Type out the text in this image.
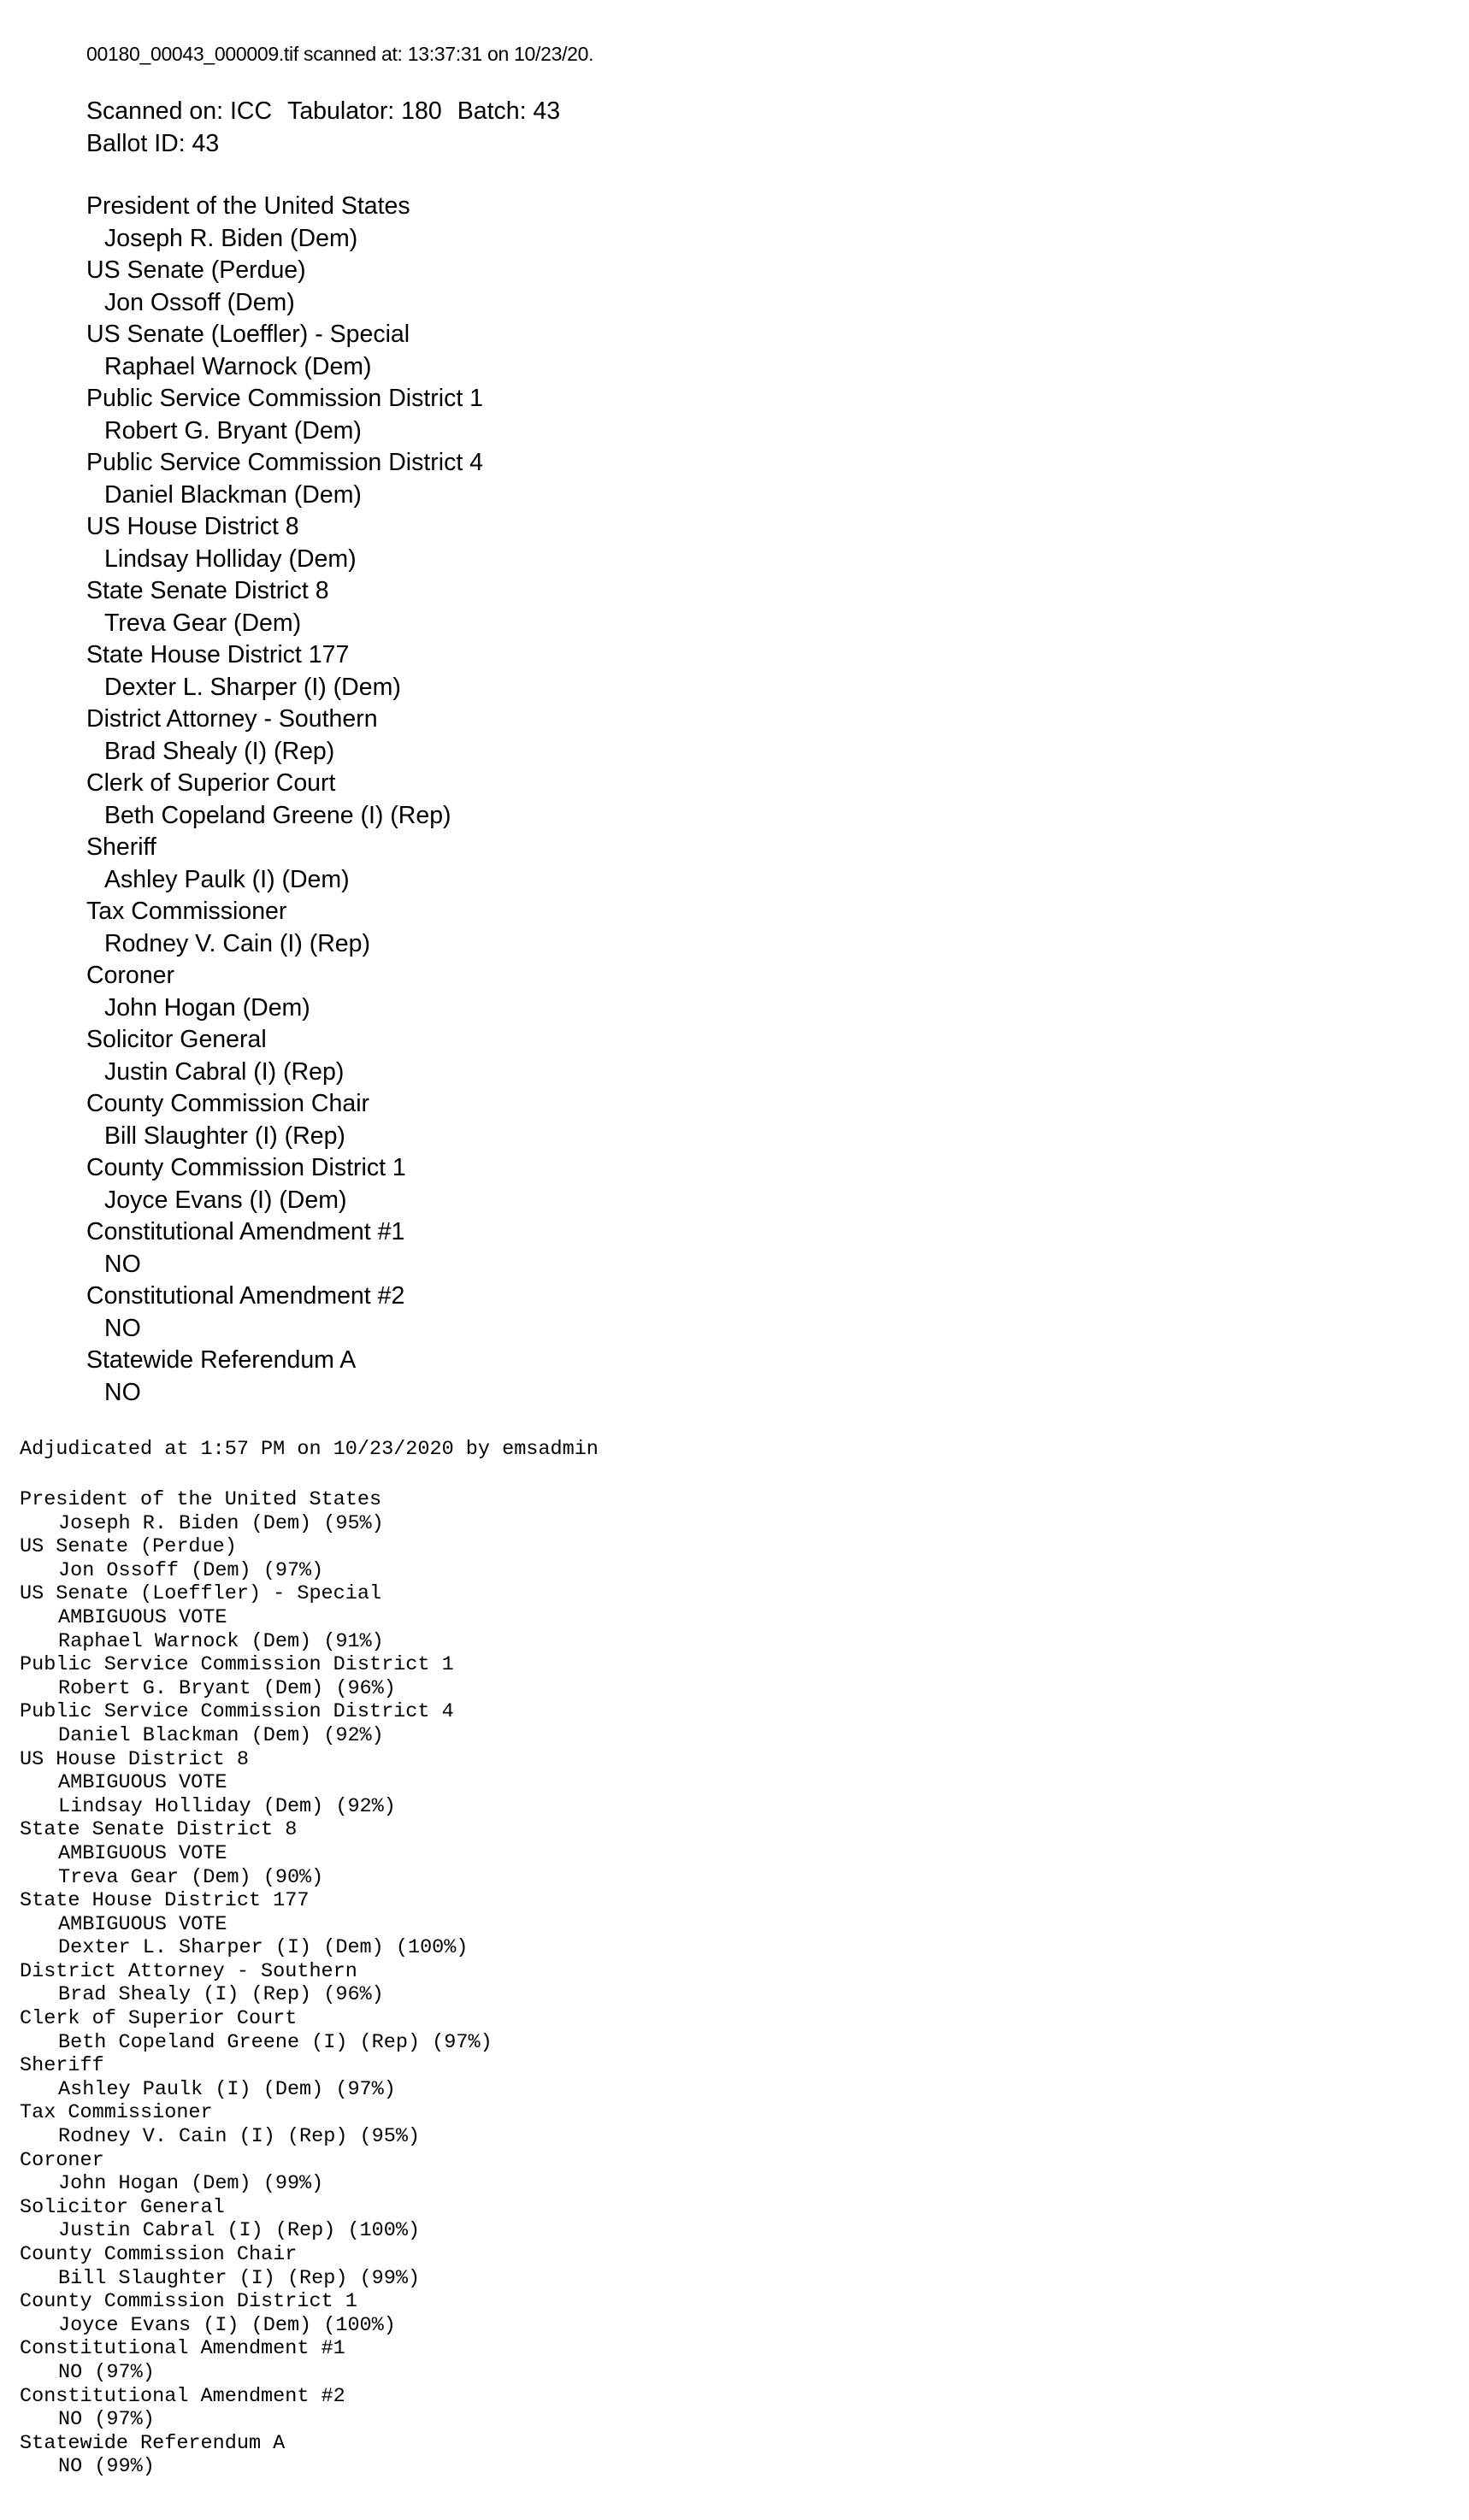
00180_00043_000009.tif scanned at: 13:37:31 on 10/23/20.
Scanned on: ICC Tabulator: 180 Batch: 43
Ballot ID: 43
President of the United States
Joseph R. Biden (Dem)
US Senate (Perdue)
Jon Ossoff (Dem)
US Senate (Loeffler) - Special
Raphael Warnock (Dem)
Public Service Commission District 1
Robert G. Bryant (Dem)
Public Service Commission District 4
Daniel Blackman (Dem)
US House District 8
Lindsay Holliday (Dem)
State Senate District 8
Treva Gear (Dem)
State House District 177
Dexter L. Sharper (I) (Dem)
District Attorney - Southern
Brad Shealy (I) (Rep)
Clerk of Superior Court
Beth Copeland Greene (I) (Rep)
Sheriff
Ashley Paulk (I) (Dem)
Tax Commissioner
Rodney V. Cain (I) (Rep)
Coroner
John Hogan (Dem)
Solicitor General
Justin Cabral (I) (Rep)
County Commission Chair
Bill Slaughter (I) (Rep)
County Commission District 1
Joyce Evans (I) (Dem)
Constitutional Amendment #1
NO
Constitutional Amendment #2
NO
Statewide Referendum A
NO
Adjudicated at 1:57 PM on 10/23/2020 by emsadmin
President of the United States
Joseph R. Biden (Dem) (95%)
US Senate (Perdue)
Jon Ossoff (Dem) (97%)
US Senate (Loeffler) - Special
AMBIGUOUS VOTE
Raphael Warnock (Dem) (91%)
Public Service Commission District 1
Robert G. Bryant (Dem) (96%)
Public Service Commission District 4
Daniel Blackman (Dem) (92%)
US House District 8
AMBIGUOUS VOTE
Lindsay Holliday (Dem) (92%)
State Senate District 8
AMBIGUOUS VOTE
Treva Gear (Dem) (90%)
State House District 177
AMBIGUOUS VOTE
Dexter L. Sharper (I) (Dem) (100%)
District Attorney - Southern
Brad Shealy (I) (Rep) (96%)
Clerk of Superior Court
Beth Copeland Greene (I) (Rep) (97%)
Sheriff
Ashley Paulk (I) (Dem) (97%)
Tax Commissioner
Rodney V. Cain (I) (Rep) (95%)
Coroner
John Hogan (Dem) (99%)
Solicitor General
Justin Cabral (I) (Rep) (100%)
County Commission Chair
Bill Slaughter (I) (Rep) (99%)
County Commission District 1
Joyce Evans (I) (Dem) (100%)
Constitutional Amendment #1
NO (97%)
Constitutional Amendment #2
NO (97%)
Statewide Referendum A
NO (99%)
